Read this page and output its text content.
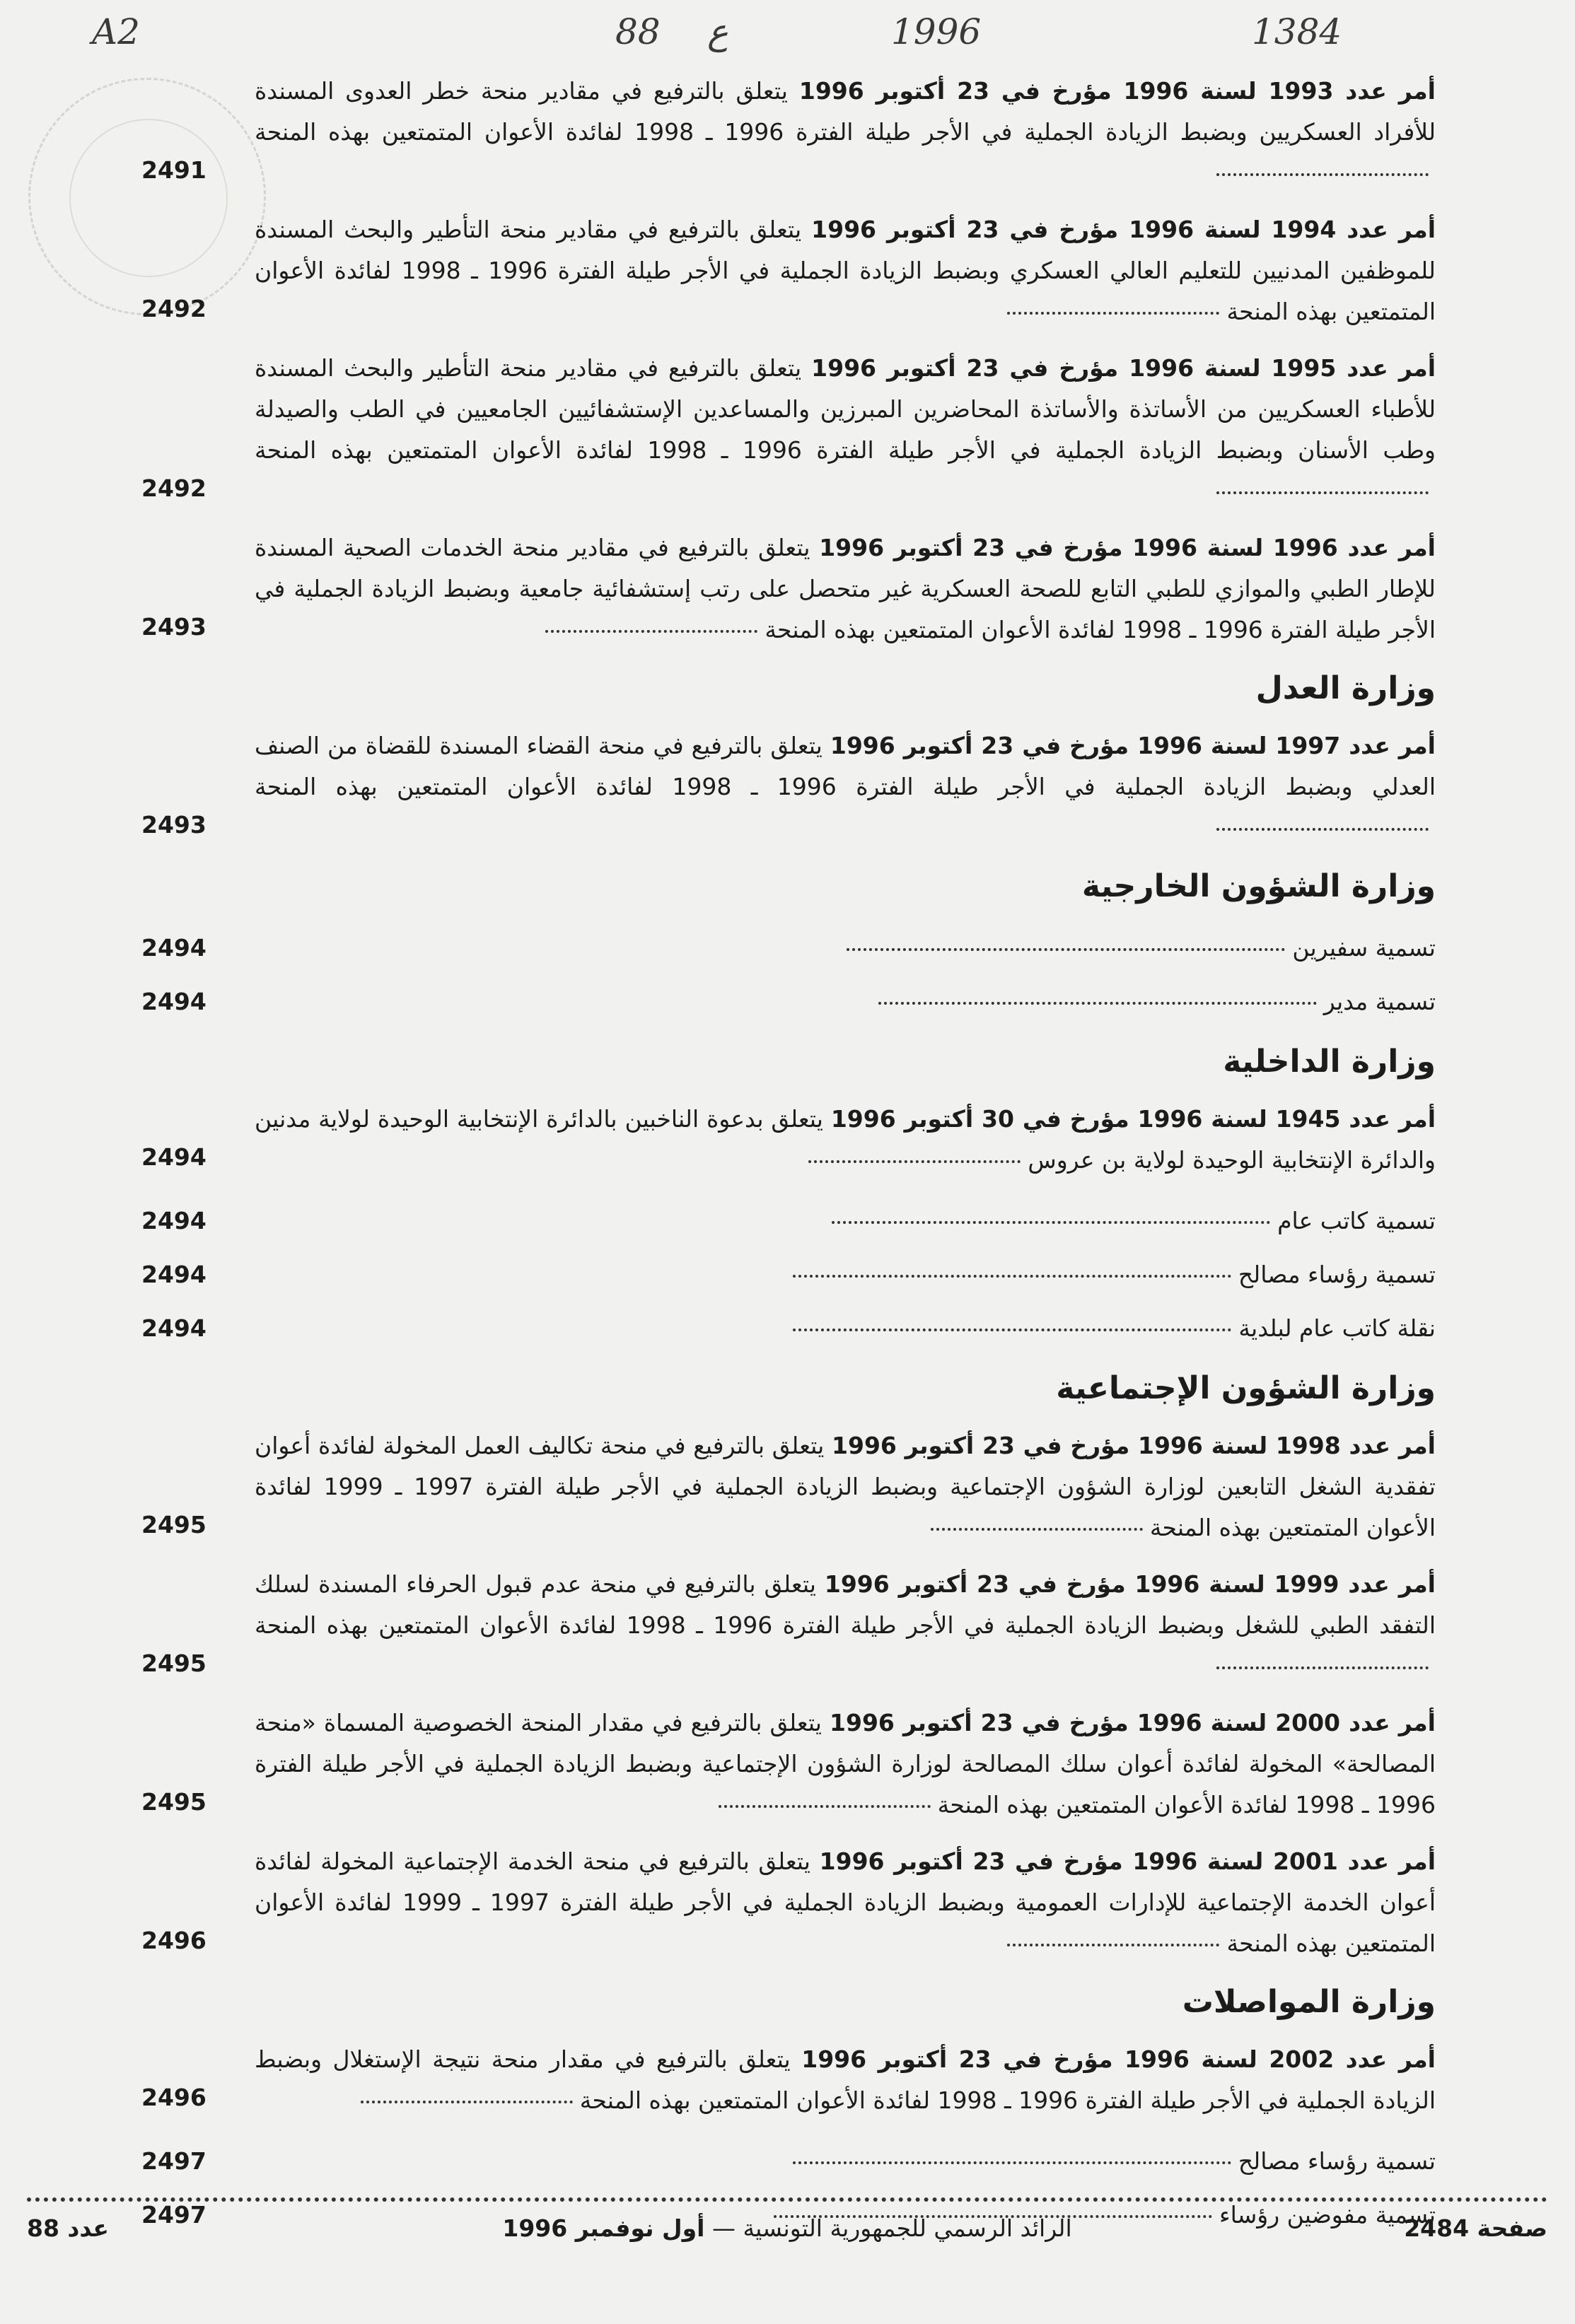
A2	88 ع	1996	1384
أمر عدد 1993 لسنة 1996 مؤرخ في 23 أكتوبر 1996 يتعلق بالترفيع في مقادير منحة خطر العدوى المسندة للأفراد العسكريين وبضبط الزيادة الجملية في الأجر طيلة الفترة 1996 ـ 1998 لفائدة الأعوان المتمتعين بهذه المنحة
2491
أمر عدد 1994 لسنة 1996 مؤرخ في 23 أكتوبر 1996 يتعلق بالترفيع في مقادير منحة التأطير والبحث المسندة للموظفين المدنيين للتعليم العالي العسكري وبضبط الزيادة الجملية في الأجر طيلة الفترة 1996 ـ 1998 لفائدة الأعوان المتمتعين بهذه المنحة
2492
أمر عدد 1995 لسنة 1996 مؤرخ في 23 أكتوبر 1996 يتعلق بالترفيع في مقادير منحة التأطير والبحث المسندة للأطباء العسكريين من الأساتذة والأساتذة المحاضرين المبرزين والمساعدين الإستشفائيين الجامعيين في الطب والصيدلة وطب الأسنان وبضبط الزيادة الجملية في الأجر طيلة الفترة 1996 ـ 1998 لفائدة الأعوان المتمتعين بهذه المنحة
2492
أمر عدد 1996 لسنة 1996 مؤرخ في 23 أكتوبر 1996 يتعلق بالترفيع في مقادير منحة الخدمات الصحية المسندة للإطار الطبي والموازي للطبي التابع للصحة العسكرية غير متحصل على رتب إستشفائية جامعية وبضبط الزيادة الجملية في الأجر طيلة الفترة 1996 ـ 1998 لفائدة الأعوان المتمتعين بهذه المنحة
2493
وزارة العدل
أمر عدد 1997 لسنة 1996 مؤرخ في 23 أكتوبر 1996 يتعلق بالترفيع في منحة القضاء المسندة للقضاة من الصنف العدلي وبضبط الزيادة الجملية في الأجر طيلة الفترة 1996 ـ 1998 لفائدة الأعوان المتمتعين بهذه المنحة
2493
وزارة الشؤون الخارجية
تسمية سفيرين
2494
تسمية مدير
2494
وزارة الداخلية
أمر عدد 1945 لسنة 1996 مؤرخ في 30 أكتوبر 1996 يتعلق بدعوة الناخبين بالدائرة الإنتخابية الوحيدة لولاية مدنين والدائرة الإنتخابية الوحيدة لولاية بن عروس
2494
تسمية كاتب عام
2494
تسمية رؤساء مصالح
2494
نقلة كاتب عام لبلدية
2494
وزارة الشؤون الإجتماعية
أمر عدد 1998 لسنة 1996 مؤرخ في 23 أكتوبر 1996 يتعلق بالترفيع في منحة تكاليف العمل المخولة لفائدة أعوان تفقدية الشغل التابعين لوزارة الشؤون الإجتماعية وبضبط الزيادة الجملية في الأجر طيلة الفترة 1997 ـ 1999 لفائدة الأعوان المتمتعين بهذه المنحة
2495
أمر عدد 1999 لسنة 1996 مؤرخ في 23 أكتوبر 1996 يتعلق بالترفيع في منحة عدم قبول الحرفاء المسندة لسلك التفقد الطبي للشغل وبضبط الزيادة الجملية في الأجر طيلة الفترة 1996 ـ 1998 لفائدة الأعوان المتمتعين بهذه المنحة
2495
أمر عدد 2000 لسنة 1996 مؤرخ في 23 أكتوبر 1996 يتعلق بالترفيع في مقدار المنحة الخصوصية المسماة «منحة المصالحة» المخولة لفائدة أعوان سلك المصالحة لوزارة الشؤون الإجتماعية وبضبط الزيادة الجملية في الأجر طيلة الفترة 1996 ـ 1998 لفائدة الأعوان المتمتعين بهذه المنحة
2495
أمر عدد 2001 لسنة 1996 مؤرخ في 23 أكتوبر 1996 يتعلق بالترفيع في منحة الخدمة الإجتماعية المخولة لفائدة أعوان الخدمة الإجتماعية للإدارات العمومية وبضبط الزيادة الجملية في الأجر طيلة الفترة 1997 ـ 1999 لفائدة الأعوان المتمتعين بهذه المنحة
2496
وزارة المواصلات
أمر عدد 2002 لسنة 1996 مؤرخ في 23 أكتوبر 1996 يتعلق بالترفيع في مقدار منحة نتيجة الإستغلال وبضبط الزيادة الجملية في الأجر طيلة الفترة 1996 ـ 1998 لفائدة الأعوان المتمتعين بهذه المنحة
2496
تسمية رؤساء مصالح
2497
تسمية مفوضين رؤساء
2497	صفحة 2484
الرائد الرسمي للجمهورية التونسية — أول نوفمبر 1996
عدد 88
